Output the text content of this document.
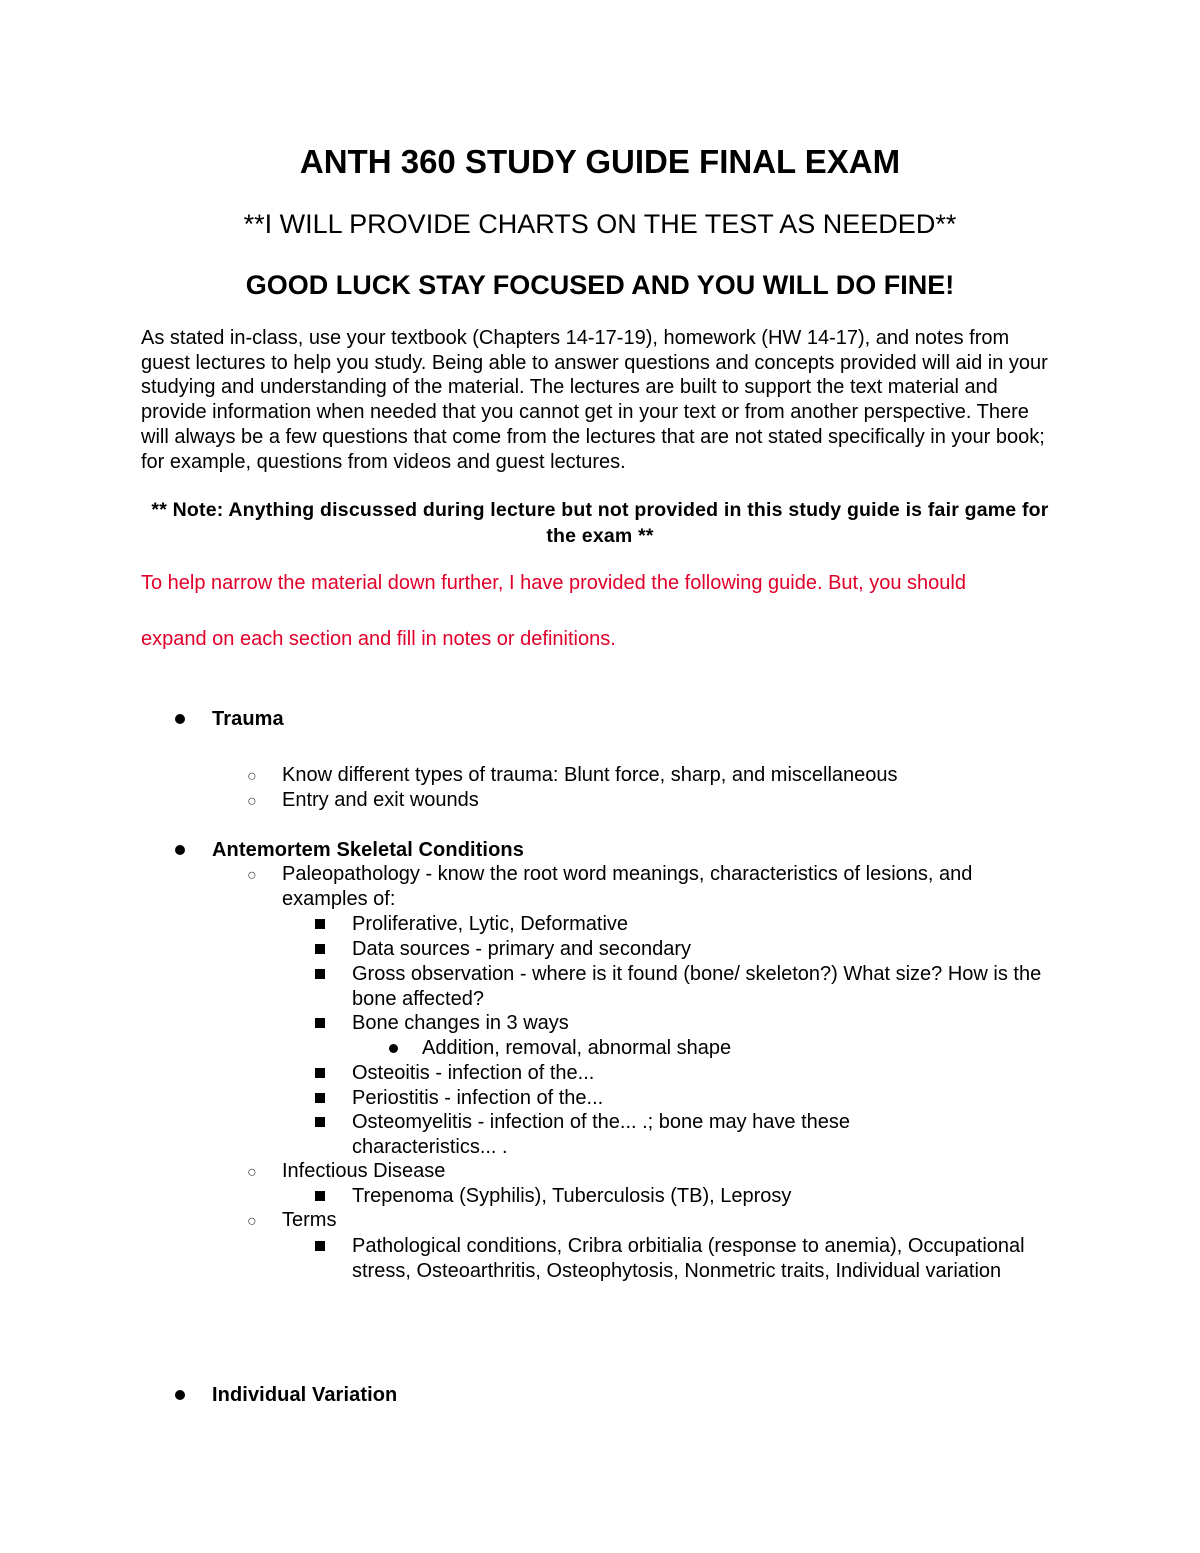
ANTH 360 STUDY GUIDE FINAL EXAM
**I WILL PROVIDE CHARTS ON THE TEST AS NEEDED**
GOOD LUCK STAY FOCUSED AND YOU WILL DO FINE!

As stated in-class, use your textbook (Chapters 14-17-19), homework (HW 14-17), and notes from guest lectures to help you study. Being able to answer questions and concepts provided will aid in your studying and understanding of the material. The lectures are built to support the text material and provide information when needed that you cannot get in your text or from another perspective. There will always be a few questions that come from the lectures that are not stated specifically in your book; for example, questions from videos and guest lectures.

** Note: Anything discussed during lecture but not provided in this study guide is fair game for the exam **

To help narrow the material down further, I have provided the following guide. But, you should

expand on each section and fill in notes or definitions.

Trauma
○ Know different types of trauma: Blunt force, sharp, and miscellaneous

○ Entry and exit wounds

Antemortem Skeletal Conditions
○ Paleopathology - know the root word meanings, characteristics of lesions, and examples of:

Proliferative, Lytic, Deformative

Data sources - primary and secondary

Gross observation - where is it found (bone/ skeleton?) What size? How is the bone affected?

Bone changes in 3 ways

Addition, removal, abnormal shape

Osteoitis - infection of the...

Periostitis - infection of the...

Osteomyelitis - infection of the... .; bone may have these characteristics... .

○ Infectious Disease

Trepenoma (Syphilis), Tuberculosis (TB), Leprosy

○ Terms

Pathological conditions, Cribra orbitialia (response to anemia), Occupational stress, Osteoarthritis, Osteophytosis, Nonmetric traits, Individual variation

Individual Variation
